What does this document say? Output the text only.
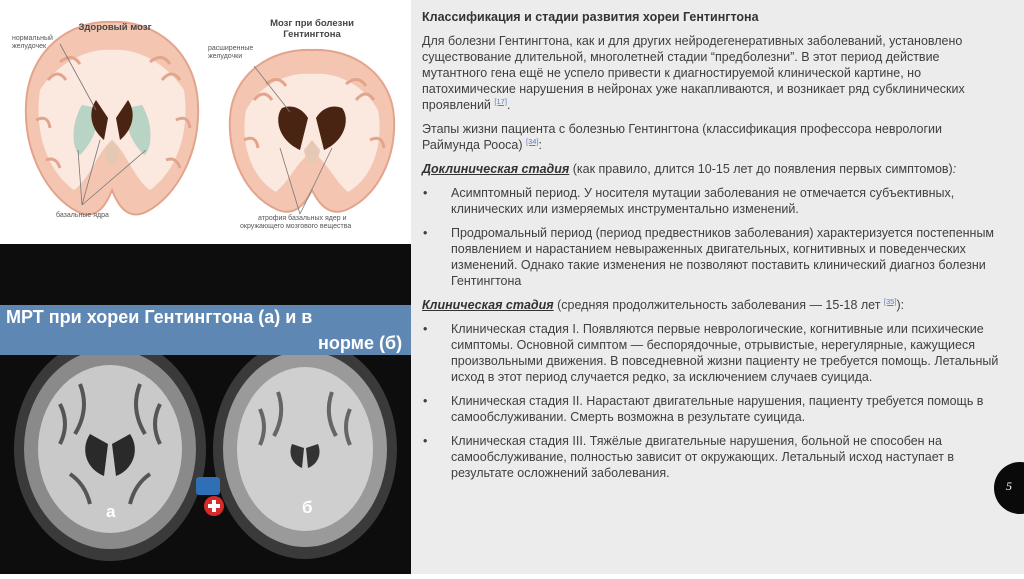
Здоровый мозг	Мозг при болезни
Гентингтона
нормальный
желудочек	расширенные
желудочки
базальные ядра	атрофия базальных ядер и
окружающего мозгового вещества
МРТ при хореи Гентингтона (а) и в
норме (б)
а	б

Классификация и стадии развития хореи Гентингтона

Для болезни Гентингтона, как и для других нейродегенеративных заболеваний, установлено существование длительной, многолетней стадии “предболезни”. В этот период действие мутантного гена ещё не успело привести к диагностируемой клинической картине, но патохимические нарушения в нейронах уже накапливаются, и возникает ряд субклинических проявлений [17].

Этапы жизни пациента с болезнью Гентингтона (классификация профессора неврологии Раймунда Рооса) [34]:

Доклиническая стадия (как правило, длится 10-15 лет до появления первых симптомов):

• Асимптомный период. У носителя мутации заболевания не отмечается субъективных, клинических или измеряемых инструментально изменений.
• Продромальный период (период предвестников заболевания) характеризуется постепенным появлением и нарастанием невыраженных двигательных, когнитивных и поведенческих изменений. Однако такие изменения не позволяют поставить клинический диагноз болезни Гентингтона

Клиническая стадия (средняя продолжительность заболевания — 15-18 лет [35]):

• Клиническая стадия I. Появляются первые неврологические, когнитивные или психические симптомы. Основной симптом — беспорядочные, отрывистые, нерегулярные, кажущиеся произвольными движения. В повседневной жизни пациенту не требуется помощь. Летальный исход в этот период случается редко, за исключением случаев суицида.
• Клиническая стадия II. Нарастают двигательные нарушения, пациенту требуется помощь в самообслуживании. Смерть возможна в результате суицида.
• Клиническая стадия III. Тяжёлые двигательные нарушения, больной не способен на самообслуживание, полностью зависит от окружающих. Летальный исход наступает в результате осложнений заболевания.
5
